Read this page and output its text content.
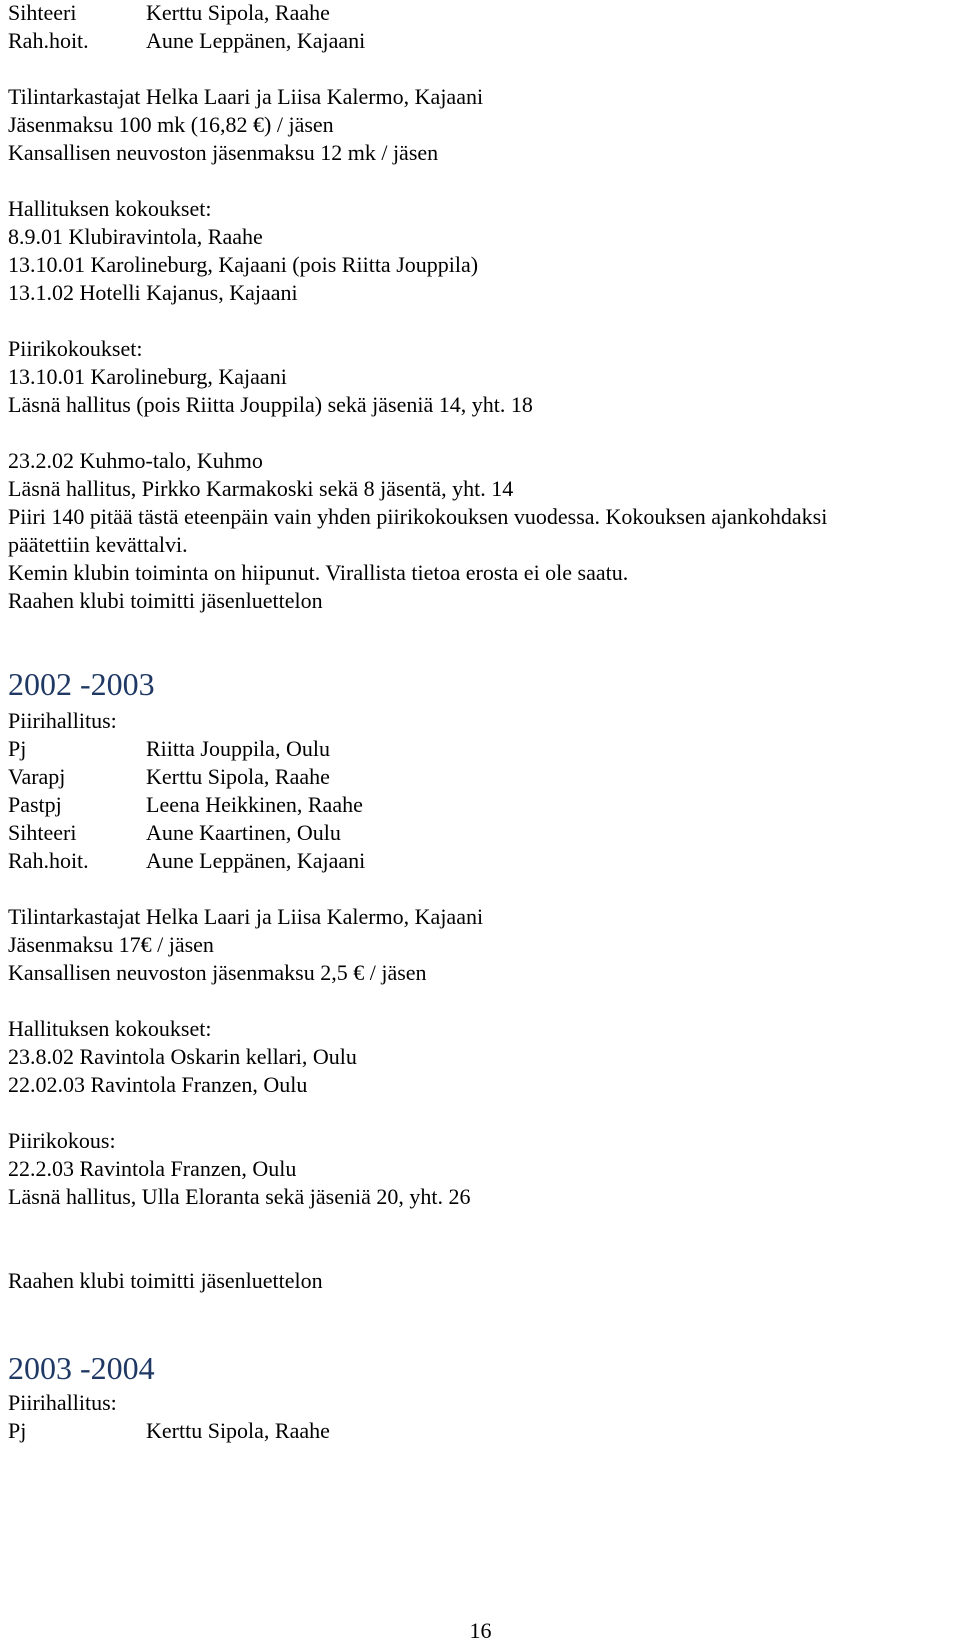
Sihteeri	Kerttu Sipola, Raahe
Rah.hoit.	Aune Leppänen, Kajaani
Tilintarkastajat Helka Laari ja Liisa Kalermo, Kajaani
Jäsenmaksu 100 mk (16,82 €) / jäsen
Kansallisen neuvoston jäsenmaksu 12 mk / jäsen
Hallituksen kokoukset:
8.9.01 Klubiravintola, Raahe
13.10.01 Karolineburg, Kajaani (pois Riitta Jouppila)
13.1.02 Hotelli Kajanus, Kajaani
Piirikokoukset:
13.10.01 Karolineburg, Kajaani
Läsnä hallitus (pois Riitta Jouppila) sekä jäseniä 14, yht. 18
23.2.02 Kuhmo-talo, Kuhmo
Läsnä hallitus, Pirkko Karmakoski sekä 8 jäsentä, yht. 14
Piiri 140 pitää tästä eteenpäin vain yhden piirikokouksen vuodessa. Kokouksen ajankohdaksi
päätettiin kevättalvi.
Kemin klubin toiminta on hiipunut. Virallista tietoa erosta ei ole saatu.
Raahen klubi toimitti jäsenluettelon
2002 -2003
Piirihallitus:
Pj	Riitta Jouppila, Oulu
Varapj	Kerttu Sipola, Raahe
Pastpj	Leena Heikkinen, Raahe
Sihteeri	Aune Kaartinen, Oulu
Rah.hoit.	Aune Leppänen, Kajaani
Tilintarkastajat Helka Laari ja Liisa Kalermo, Kajaani
Jäsenmaksu 17€ / jäsen
Kansallisen neuvoston jäsenmaksu 2,5 € / jäsen
Hallituksen kokoukset:
23.8.02 Ravintola Oskarin kellari, Oulu
22.02.03 Ravintola Franzen, Oulu
Piirikokous:
22.2.03 Ravintola Franzen, Oulu
Läsnä hallitus, Ulla Eloranta sekä jäseniä 20, yht. 26
Raahen klubi toimitti jäsenluettelon
2003 -2004
Piirihallitus:
Pj	Kerttu Sipola, Raahe
16
